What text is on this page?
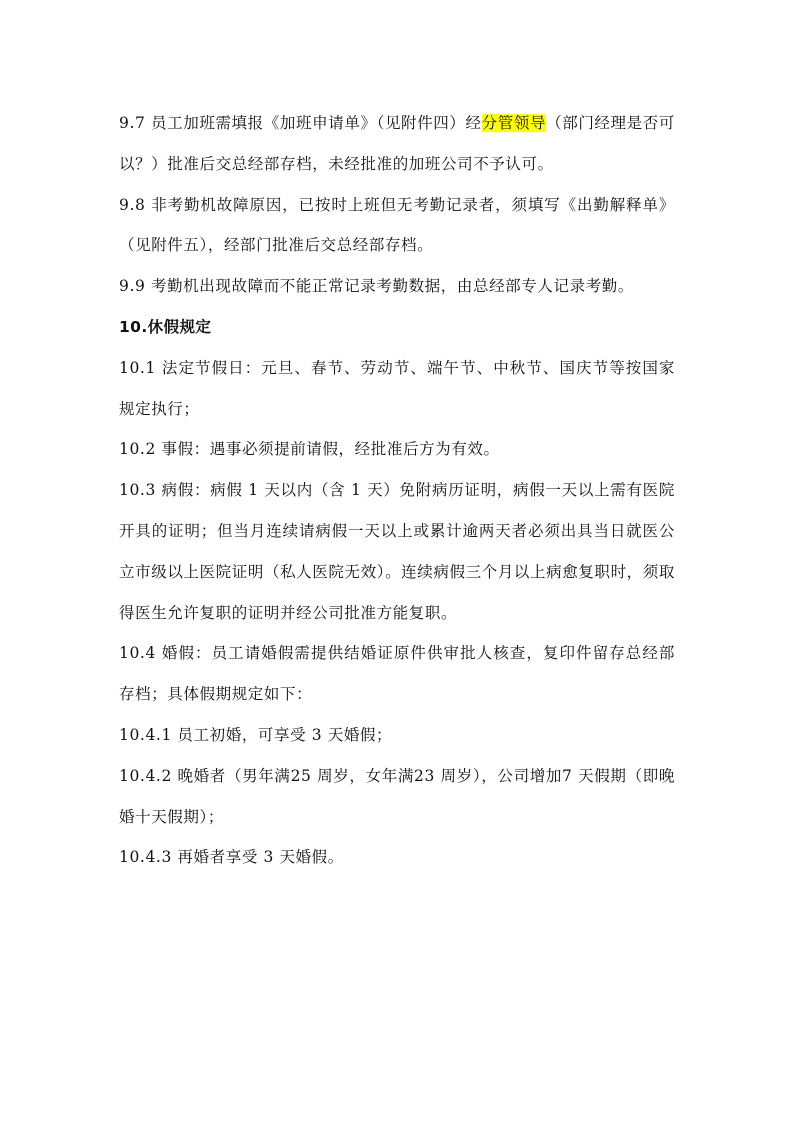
9.7 员工加班需填报《加班申请单》（见附件四）经分管领导（部门经理是否可以？）批准后交总经部存档，未经批准的加班公司不予认可。

9.8 非考勤机故障原因，已按时上班但无考勤记录者，须填写《出勤解释单》（见附件五），经部门批准后交总经部存档。

9.9 考勤机出现故障而不能正常记录考勤数据，由总经部专人记录考勤。

10.休假规定

10.1 法定节假日：元旦、春节、劳动节、端午节、中秋节、国庆节等按国家规定执行；

10.2 事假：遇事必须提前请假，经批准后方为有效。

10.3 病假：病假 1 天以内（含 1 天）免附病历证明，病假一天以上需有医院开具的证明；但当月连续请病假一天以上或累计逾两天者必须出具当日就医公立市级以上医院证明（私人医院无效）。连续病假三个月以上病愈复职时，须取得医生允许复职的证明并经公司批准方能复职。

10.4 婚假：员工请婚假需提供结婚证原件供审批人核查，复印件留存总经部存档；具体假期规定如下：

10.4.1 员工初婚，可享受 3 天婚假；

10.4.2 晚婚者（男年满25 周岁，女年满23 周岁），公司增加7 天假期（即晚婚十天假期）；

10.4.3 再婚者享受 3 天婚假。
